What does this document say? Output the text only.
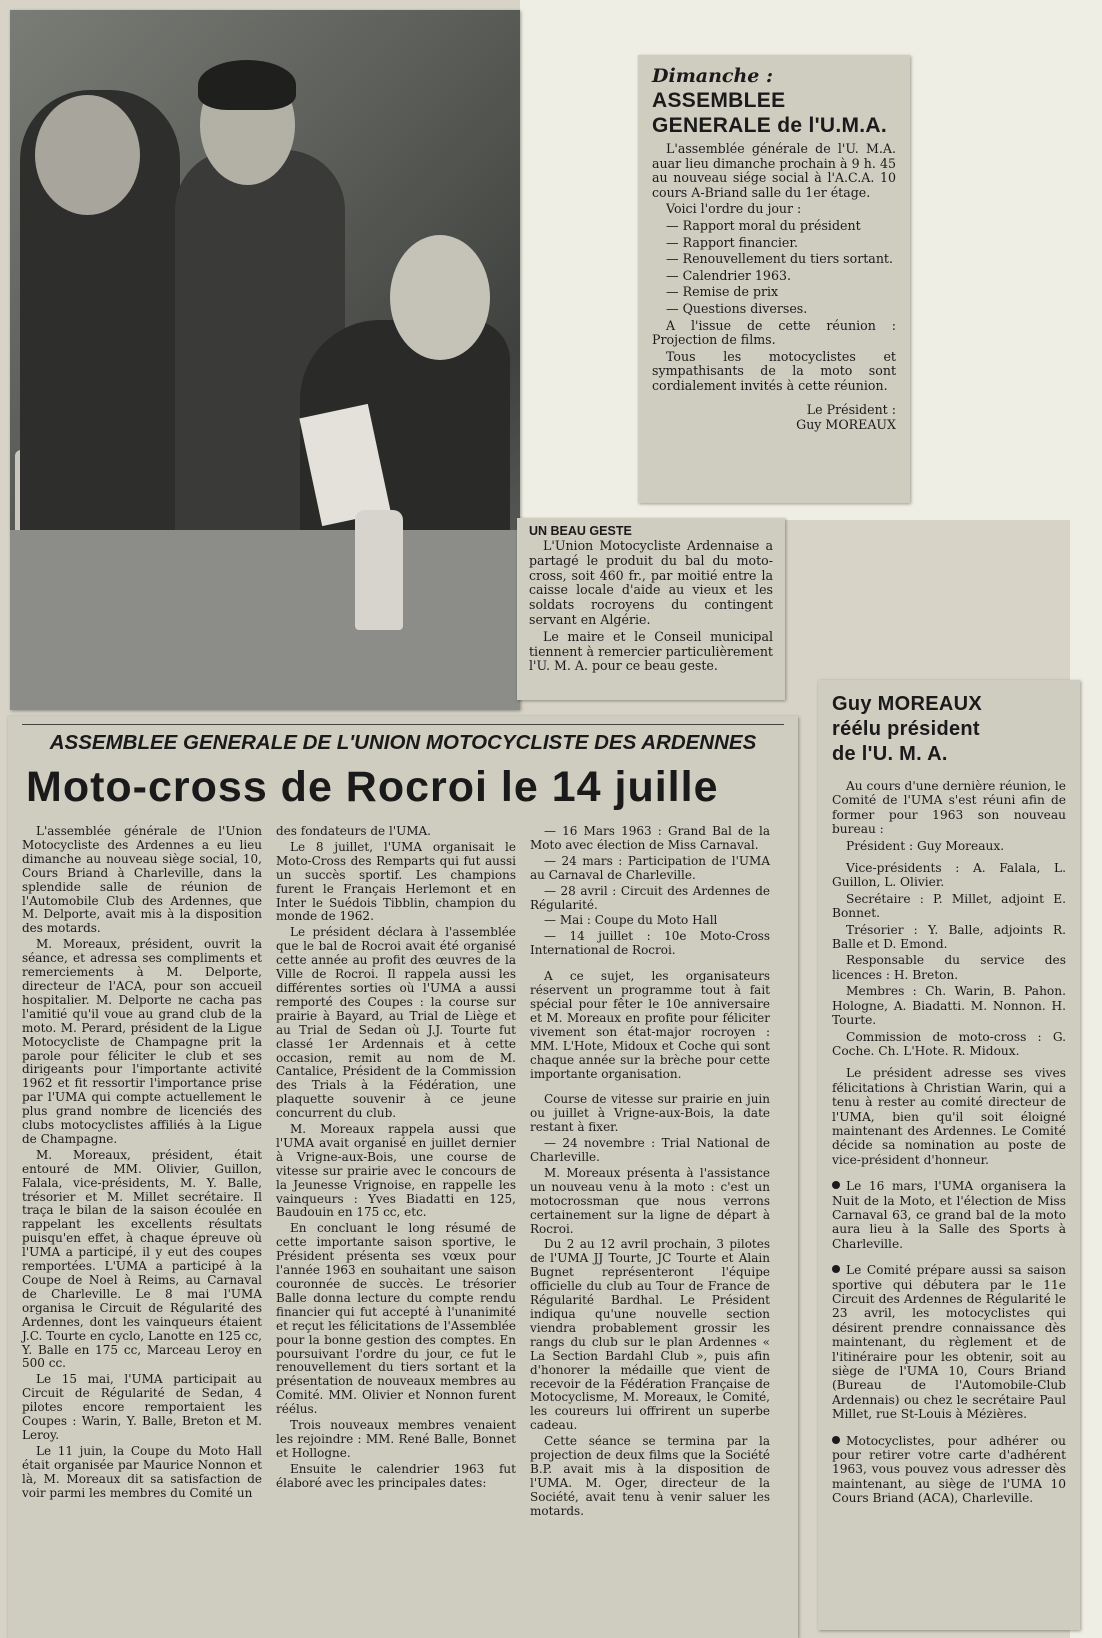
Dimanche :
ASSEMBLEE
GENERALE de l'U.M.A.

L'assemblée générale de l'U. M.A. auar lieu dimanche prochain à 9 h. 45 au nouveau siége social à l'A.C.A. 10 cours A-Briand salle du 1er étage.

Voici l'ordre du jour :

— Rapport moral du président

— Rapport financier.

— Renouvellement du tiers sortant.

— Calendrier 1963.

— Remise de prix

— Questions diverses.

A l'issue de cette réunion : Projection de films.

Tous les motocyclistes et sympathisants de la moto sont cordialement invités à cette réunion.

Le Président :
Guy MOREAUX
UN BEAU GESTE

L'Union Motocycliste Ardennaise a partagé le produit du bal du moto-cross, soit 460 fr., par moitié entre la caisse locale d'aide au vieux et les soldats rocroyens du contingent servant en Algérie.

Le maire et le Conseil municipal tiennent à remercier particulièrement l'U. M. A. pour ce beau geste.

Guy MOREAUX
réélu président
de l'U. M. A.

Au cours d'une dernière réunion, le Comité de l'UMA s'est réuni afin de former pour 1963 son nouveau bureau :

Président : Guy Moreaux.

Vice-présidents : A. Falala, L. Guillon, L. Olivier.

Secrétaire : P. Millet, adjoint E. Bonnet.

Trésorier : Y. Balle, adjoints R. Balle et D. Emond.

Responsable du service des licences : H. Breton.

Membres : Ch. Warin, B. Pahon. Hologne, A. Biadatti. M. Nonnon. H. Tourte.

Commission de moto-cross : G. Coche. Ch. L'Hote. R. Midoux.

Le président adresse ses vives félicitations à Christian Warin, qui a tenu à rester au comité directeur de l'UMA, bien qu'il soit éloigné maintenant des Ardennes. Le Comité décide sa nomination au poste de vice-président d'honneur.

Le 16 mars, l'UMA organisera la Nuit de la Moto, et l'élection de Miss Carnaval 63, ce grand bal de la moto aura lieu à la Salle des Sports à Charleville.
Le Comité prépare aussi sa saison sportive qui débutera par le 11e Circuit des Ardennes de Régularité le 23 avril, les motocyclistes qui désirent prendre connaissance dès maintenant, du règlement et de l'itinéraire pour les obtenir, soit au siège de l'UMA 10, Cours Briand (Bureau de l'Automobile-Club Ardennais) ou chez le secrétaire Paul Millet, rue St-Louis à Mézières.
Motocyclistes, pour adhérer ou pour retirer votre carte d'adhérent 1963, vous pouvez vous adresser dès maintenant, au siège de l'UMA 10 Cours Briand (ACA), Charleville.
ASSEMBLEE GENERALE DE L'UNION MOTOCYCLISTE DES ARDENNES
Moto-cross de Rocroi le 14 juille

L'assemblée générale de l'Union Motocycliste des Ardennes a eu lieu dimanche au nouveau siège social, 10, Cours Briand à Charleville, dans la splendide salle de réunion de l'Automobile Club des Ardennes, que M. Delporte, avait mis à la disposition des motards.

M. Moreaux, président, ouvrit la séance, et adressa ses compliments et remerciements à M. Delporte, directeur de l'ACA, pour son accueil hospitalier. M. Delporte ne cacha pas l'amitié qu'il voue au grand club de la moto. M. Perard, président de la Ligue Motocycliste de Champagne prit la parole pour féliciter le club et ses dirigeants pour l'importante activité 1962 et fit ressortir l'importance prise par l'UMA qui compte actuellement le plus grand nombre de licenciés des clubs motocyclistes affiliés à la Ligue de Champagne.

M. Moreaux, président, était entouré de MM. Olivier, Guillon, Falala, vice-présidents, M. Y. Balle, trésorier et M. Millet secrétaire. Il traça le bilan de la saison écoulée en rappelant les excellents résultats puisqu'en effet, à chaque épreuve où l'UMA a participé, il y eut des coupes remportées. L'UMA a participé à la Coupe de Noel à Reims, au Carnaval de Charleville. Le 8 mai l'UMA organisa le Circuit de Régularité des Ardennes, dont les vainqueurs étaient J.C. Tourte en cyclo, Lanotte en 125 cc, Y. Balle en 175 cc, Marceau Leroy en 500 cc.

Le 15 mai, l'UMA participait au Circuit de Régularité de Sedan, 4 pilotes encore remportaient les Coupes : Warin, Y. Balle, Breton et M. Leroy.

Le 11 juin, la Coupe du Moto Hall était organisée par Maurice Nonnon et là, M. Moreaux dit sa satisfaction de voir parmi les membres du Comité un

des fondateurs de l'UMA.

Le 8 juillet, l'UMA organisait le Moto-Cross des Remparts qui fut aussi un succès sportif. Les champions furent le Français Herlemont et en Inter le Suédois Tibblin, champion du monde de 1962.

Le président déclara à l'assemblée que le bal de Rocroi avait été organisé cette année au profit des œuvres de la Ville de Rocroi. Il rappela aussi les différentes sorties où l'UMA a aussi remporté des Coupes : la course sur prairie à Bayard, au Trial de Liège et au Trial de Sedan où J.J. Tourte fut classé 1er Ardennais et à cette occasion, remit au nom de M. Cantalice, Président de la Commission des Trials à la Fédération, une plaquette souvenir à ce jeune concurrent du club.

M. Moreaux rappela aussi que l'UMA avait organisé en juillet dernier à Vrigne-aux-Bois, une course de vitesse sur prairie avec le concours de la Jeunesse Vrignoise, en rappelle les vainqueurs : Yves Biadatti en 125, Baudouin en 175 cc, etc.

En concluant le long résumé de cette importante saison sportive, le Président présenta ses vœux pour l'année 1963 en souhaitant une saison couronnée de succès. Le trésorier Balle donna lecture du compte rendu financier qui fut accepté à l'unanimité et reçut les félicitations de l'Assemblée pour la bonne gestion des comptes. En poursuivant l'ordre du jour, ce fut le renouvellement du tiers sortant et la présentation de nouveaux membres au Comité. MM. Olivier et Nonnon furent réélus.

Trois nouveaux membres venaient les rejoindre : MM. René Balle, Bonnet et Hollogne.

Ensuite le calendrier 1963 fut élaboré avec les principales dates:

— 16 Mars 1963 : Grand Bal de la Moto avec élection de Miss Carnaval.

— 24 mars : Participation de l'UMA au Carnaval de Charleville.

— 28 avril : Circuit des Ardennes de Régularité.

— Mai : Coupe du Moto Hall

— 14 juillet : 10e Moto-Cross International de Rocroi.

A ce sujet, les organisateurs réservent un programme tout à fait spécial pour fêter le 10e anniversaire et M. Moreaux en profite pour féliciter vivement son état-major rocroyen : MM. L'Hote, Midoux et Coche qui sont chaque année sur la brèche pour cette importante organisation.

Course de vitesse sur prairie en juin ou juillet à Vrigne-aux-Bois, la date restant à fixer.

— 24 novembre : Trial National de Charleville.

M. Moreaux présenta à l'assistance un nouveau venu à la moto : c'est un motocrossman que nous verrons certainement sur la ligne de départ à Rocroi.

Du 2 au 12 avril prochain, 3 pilotes de l'UMA JJ Tourte, JC Tourte et Alain Bugnet représenteront l'équipe officielle du club au Tour de France de Régularité Bardhal. Le Président indiqua qu'une nouvelle section viendra probablement grossir les rangs du club sur le plan Ardennes « La Section Bardahl Club », puis afin d'honorer la médaille que vient de recevoir de la Fédération Française de Motocyclisme, M. Moreaux, le Comité, les coureurs lui offrirent un superbe cadeau.

Cette séance se termina par la projection de deux films que la Société B.P. avait mis à la disposition de l'UMA. M. Oger, directeur de la Société, avait tenu à venir saluer les motards.
